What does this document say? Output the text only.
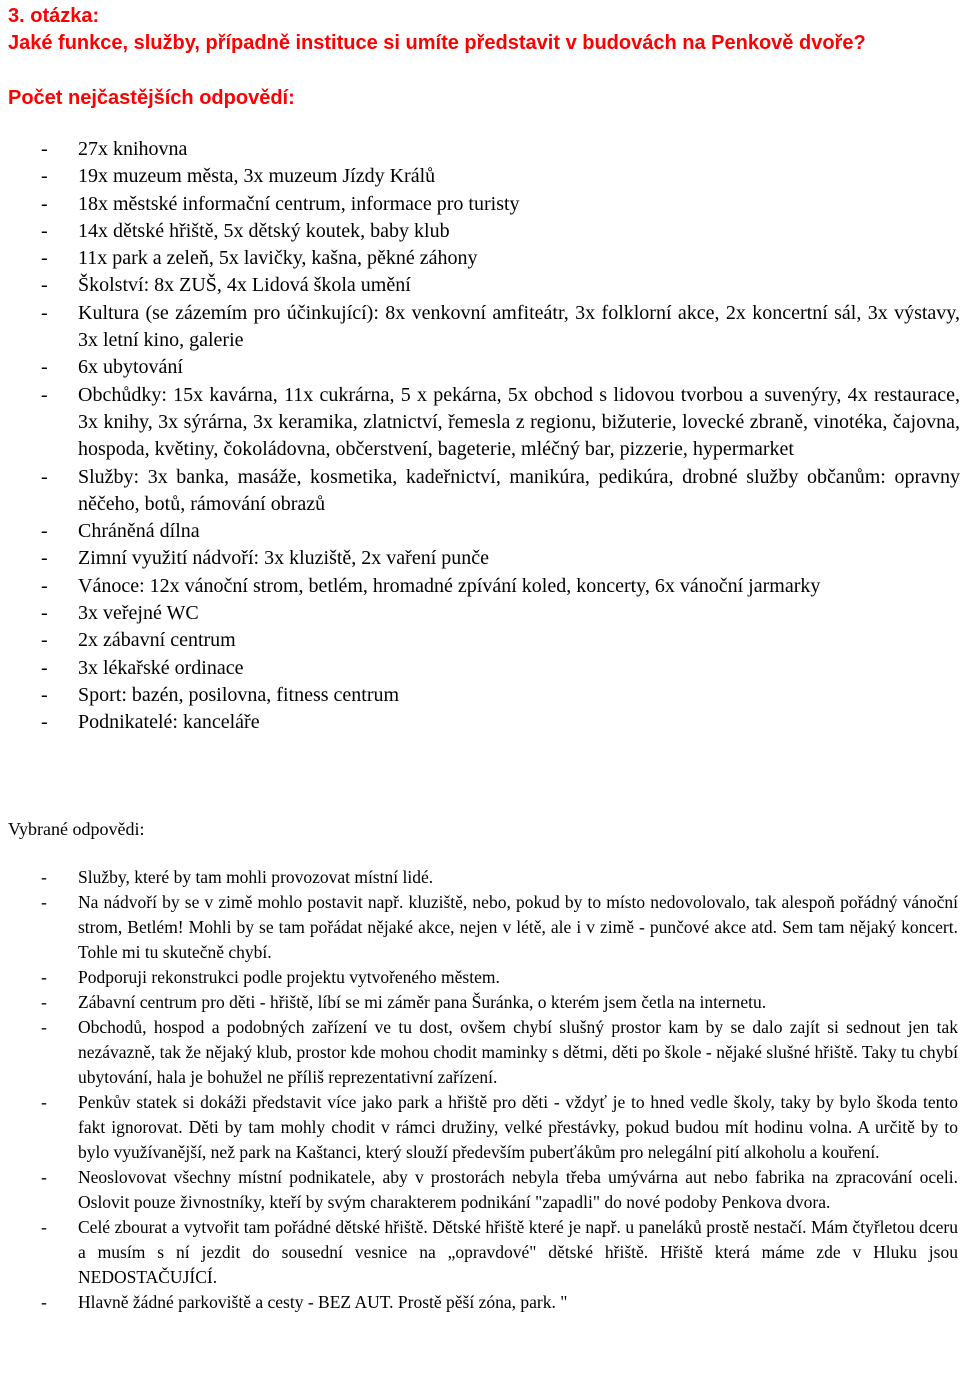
3. otázka:
Jaké funkce, služby, případně instituce si umíte představit v budovách na Penkově dvoře?
Počet nejčastějších odpovědí:
- 27x knihovna
- 19x muzeum města, 3x muzeum Jízdy Králů
- 18x městské informační centrum, informace pro turisty
- 14x dětské hřiště, 5x dětský koutek, baby klub
- 11x park a zeleň, 5x lavičky, kašna, pěkné záhony
- Školství: 8x ZUŠ, 4x Lidová škola umění
- Kultura (se zázemím pro účinkující): 8x venkovní amfiteátr, 3x folklorní akce, 2x koncertní sál, 3x výstavy, 3x letní kino, galerie
- 6x ubytování
- Obchůdky: 15x kavárna, 11x cukrárna, 5 x pekárna, 5x obchod s lidovou tvorbou a suvenýry, 4x restaurace, 3x knihy, 3x sýrárna, 3x keramika, zlatnictví, řemesla z regionu, bižuterie, lovecké zbraně, vinotéka, čajovna, hospoda, květiny, čokoládovna, občerstvení, bageterie, mléčný bar, pizzerie, hypermarket
- Služby: 3x banka, masáže, kosmetika, kadeřnictví, manikúra, pedikúra, drobné služby občanům: opravny něčeho, botů, rámování obrazů
- Chráněná dílna
- Zimní využití nádvoří: 3x kluziště, 2x vaření punče
- Vánoce: 12x vánoční strom, betlém, hromadné zpívání koled, koncerty, 6x vánoční jarmarky
- 3x veřejné WC
- 2x zábavní centrum
- 3x lékařské ordinace
- Sport: bazén, posilovna, fitness centrum
- Podnikatelé: kanceláře
Vybrané odpovědi:
- Služby, které by tam mohli provozovat místní lidé.
- Na nádvoří by se v zimě mohlo postavit např. kluziště, nebo, pokud by to místo nedovolovalo, tak alespoň pořádný vánoční strom, Betlém! Mohli by se tam pořádat nějaké akce, nejen v létě, ale i v zimě - punčové akce atd. Sem tam nějaký koncert. Tohle mi tu skutečně chybí.
- Podporuji rekonstrukci podle projektu vytvořeného městem.
- Zábavní centrum pro děti - hřiště, líbí se mi záměr pana Šuránka, o kterém jsem četla na internetu.
- Obchodů, hospod a podobných zařízení ve tu dost, ovšem chybí slušný prostor kam by se dalo zajít si sednout jen tak nezávazně, tak že nějaký klub, prostor kde mohou chodit maminky s dětmi, děti po škole - nějaké slušné hřiště. Taky tu chybí ubytování, hala je bohužel ne příliš reprezentativní zařízení.
- Penkův statek si dokáži představit více jako park a hřiště pro děti - vždyť je to hned vedle školy, taky by bylo škoda tento fakt ignorovat. Děti by tam mohly chodit v rámci družiny, velké přestávky, pokud budou mít hodinu volna. A určitě by to bylo využívanější, než park na Kaštanci, který slouží především puberťákům pro nelegální pití alkoholu a kouření.
- Neoslovovat všechny místní podnikatele, aby v prostorách nebyla třeba umývárna aut nebo fabrika na zpracování oceli. Oslovit pouze živnostníky, kteří by svým charakterem podnikání "zapadli" do nové podoby Penkova dvora.
- Celé zbourat a vytvořit tam pořádné dětské hřiště. Dětské hřiště které je např. u paneláků prostě nestačí. Mám čtyřletou dceru a musím s ní jezdit do sousední vesnice na „opravdové" dětské hřiště. Hřiště která máme zde v Hluku jsou NEDOSTAČUJÍCÍ.
- Hlavně žádné parkoviště a cesty - BEZ AUT. Prostě pěší zóna, park. "
